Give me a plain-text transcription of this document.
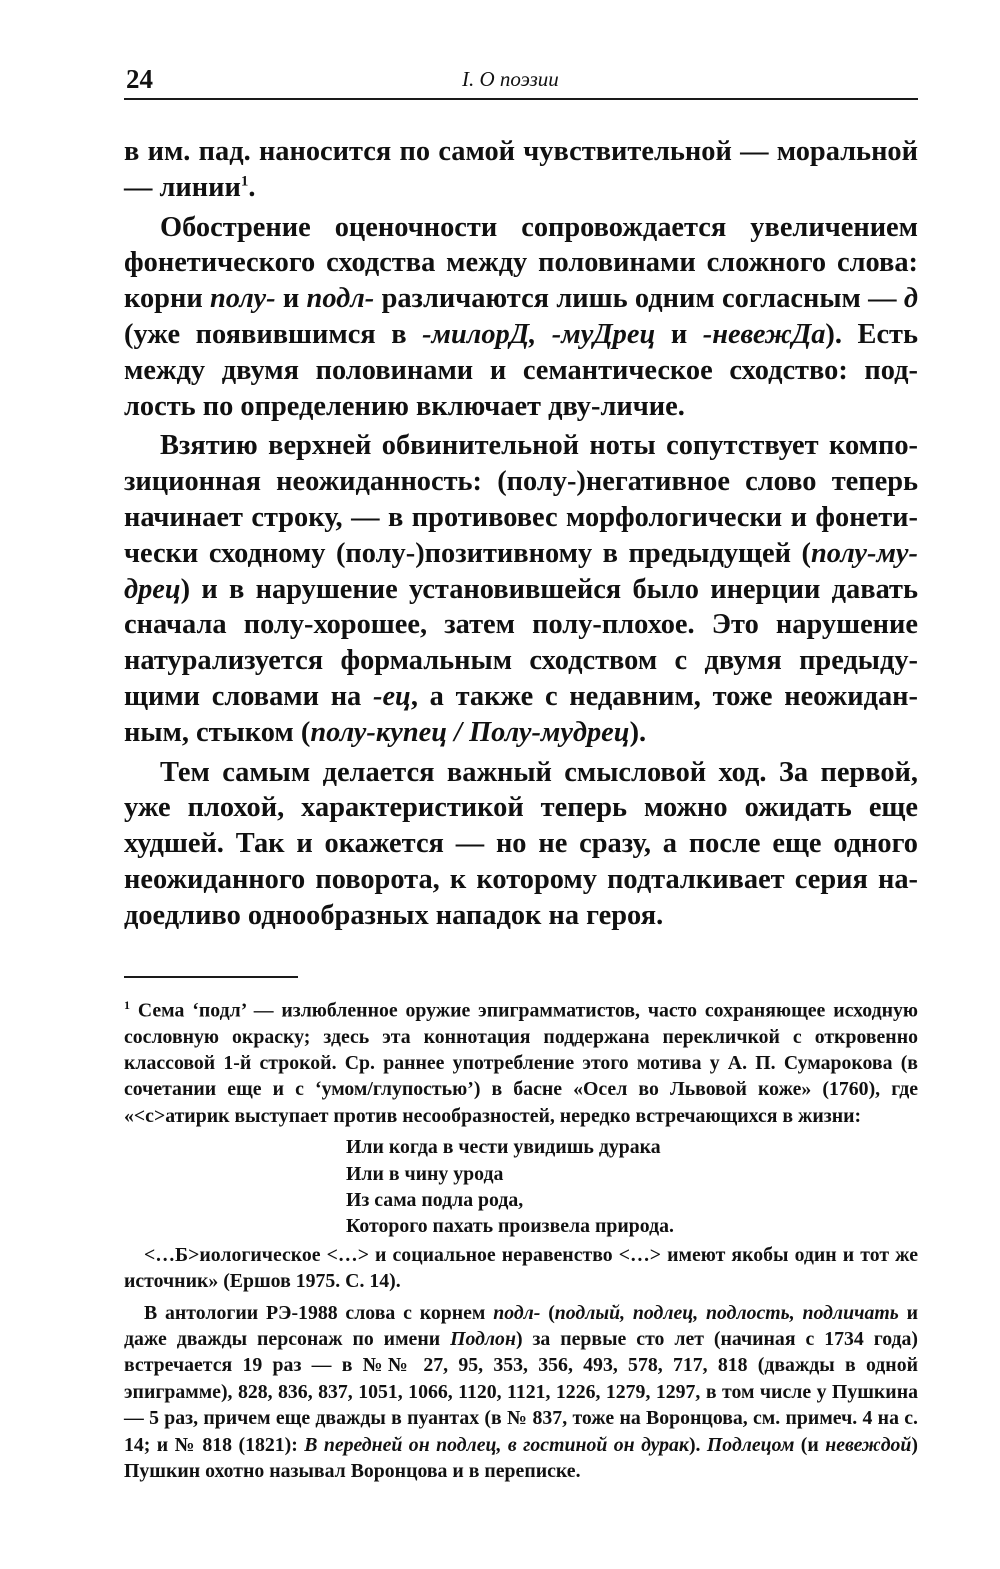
24	I. О поэзии

в им. пад. наносится по самой чувствительной — моральной — линии$^1$.

Обострение оценочности сопровождается увеличением фонетического сходства между половинами сложного слова: корни полу- и подл- различаются лишь одним согласным — д (уже появившимся в -милорД, -муДрец и -невежДа). Есть между двумя половинами и семантическое сходство: подлость по определению включает дву-личие.

Взятию верхней обвинительной ноты сопутствует композиционная неожиданность: (полу-)негативное слово теперь начинает строку, — в противовес морфологически и фонетически сходному (полу-)позитивному в предыдущей (полу-мудрец) и в нарушение установившейся было инерции давать сначала полу-хорошее, затем полу-плохое. Это нарушение натурализуется формальным сходством с двумя предыдущими словами на -ец, а также с недавним, тоже неожиданным, стыком (полу-купец / Полу-мудрец).

Тем самым делается важный смысловой ход. За первой, уже плохой, характеристикой теперь можно ожидать еще худшей. Так и окажется — но не сразу, а после еще одного неожиданного поворота, к которому подталкивает серия надоедливо однообразных нападок на героя.

$^1$ Сема ‘подл’ — излюбленное оружие эпиграмматистов, часто сохраняющее исходную сословную окраску; здесь эта коннотация поддержана перекличкой с откровенно классовой 1-й строкой. Ср. раннее употребление этого мотива у А. П. Сумарокова (в сочетании еще и с ‘умом/глупостью’) в басне «Осел во Львовой коже» (1760), где «<с>атирик выступает против несообразностей, нередко встречающихся в жизни:

Или когда в чести увидишь дурака
Или в чину урода
Из сама подла рода,
Которого пахать произвела природа.

<…Б>иологическое <…> и социальное неравенство <…> имеют якобы один и тот же источник» (Ершов 1975. С. 14).

В антологии РЭ-1988 слова с корнем подл- (подлый, подлец, подлость, подличать и даже дважды персонаж по имени Подлон) за первые сто лет (начиная с 1734 года) встречается 19 раз — в №№ 27, 95, 353, 356, 493, 578, 717, 818 (дважды в одной эпиграмме), 828, 836, 837, 1051, 1066, 1120, 1121, 1226, 1279, 1297, в том числе у Пушкина — 5 раз, причем еще дважды в пуантах (в № 837, тоже на Воронцова, см. примеч. 4 на с. 14; и № 818 (1821): В передней он подлец, в гостиной он дурак). Подлецом (и невеждой) Пушкин охотно называл Воронцова и в переписке.
